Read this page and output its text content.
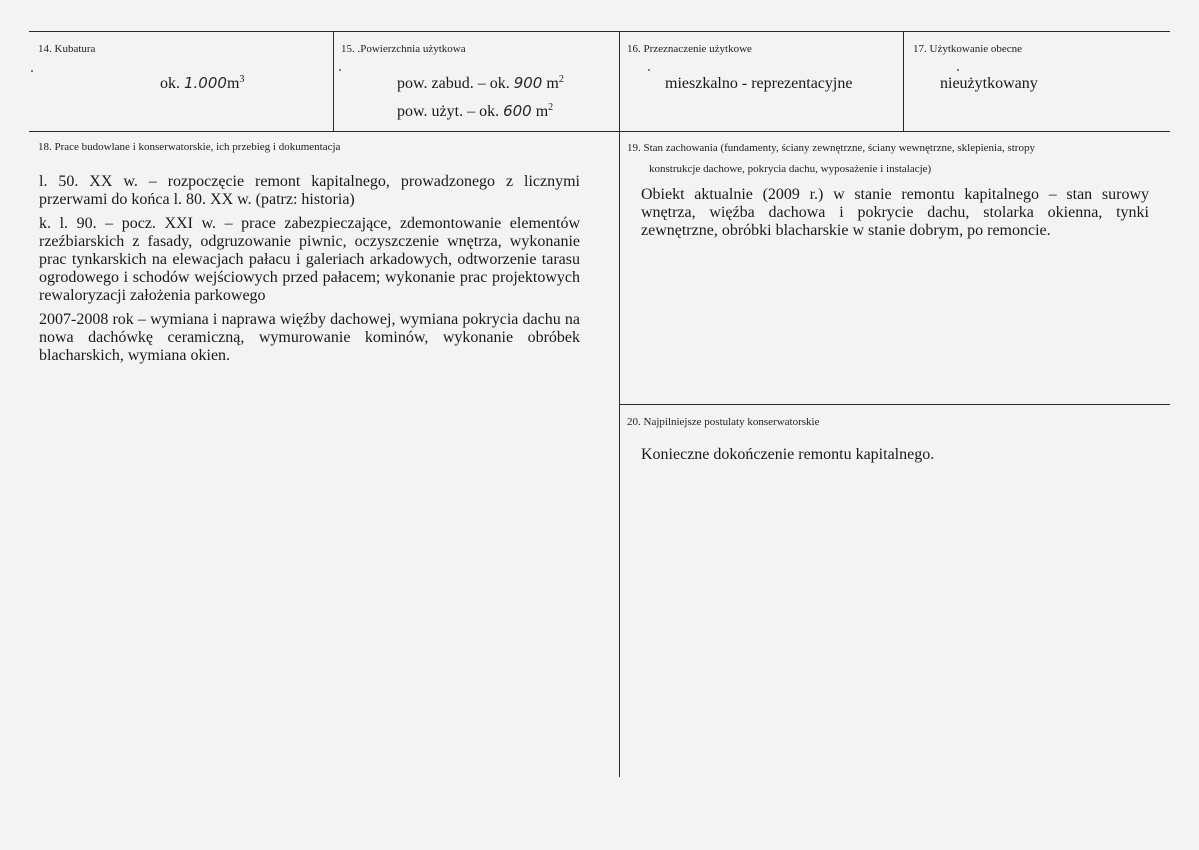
14. Kubatura
ok. $1.000m^3$
15. .Powierzchnia użytkowa
pow. zabud. – ok. 900 $m^2$
pow. użyt. – ok. 600 $m^2$
16. Przeznaczenie użytkowe
mieszkalno - reprezentacyjne
17. Użytkowanie obecne
nieużytkowany
18. Prace budowlane i konserwatorskie, ich przebieg i dokumentacja

l. 50. XX w. – rozpoczęcie remont kapitalnego, prowadzonego z licznymi przerwami do końca l. 80. XX w. (patrz: historia)

k. l. 90. – pocz. XXI w. – prace zabezpieczające, zdemontowanie elementów rzeźbiarskich z fasady, odgruzowanie piwnic, oczyszczenie wnętrza, wykonanie prac tynkarskich na elewacjach pałacu i galeriach arkadowych, odtworzenie tarasu ogrodowego i schodów wejściowych przed pałacem; wykonanie prac projektowych rewaloryzacji założenia parkowego

2007-2008 rok – wymiana i naprawa więźby dachowej, wymiana pokrycia dachu na nowa dachówkę ceramiczną, wymurowanie kominów, wykonanie obróbek blacharskich, wymiana okien.

19. Stan zachowania (fundamenty, ściany zewnętrzne, ściany wewnętrzne, sklepienia, stropy
konstrukcje dachowe, pokrycia dachu, wyposażenie i instalacje)
Obiekt aktualnie (2009 r.) w stanie remontu kapitalnego – stan surowy wnętrza, więźba dachowa i pokrycie dachu, stolarka okienna, tynki zewnętrzne, obróbki blacharskie w stanie dobrym, po remoncie.
20. Najpilniejsze postulaty konserwatorskie
Konieczne dokończenie remontu kapitalnego.
